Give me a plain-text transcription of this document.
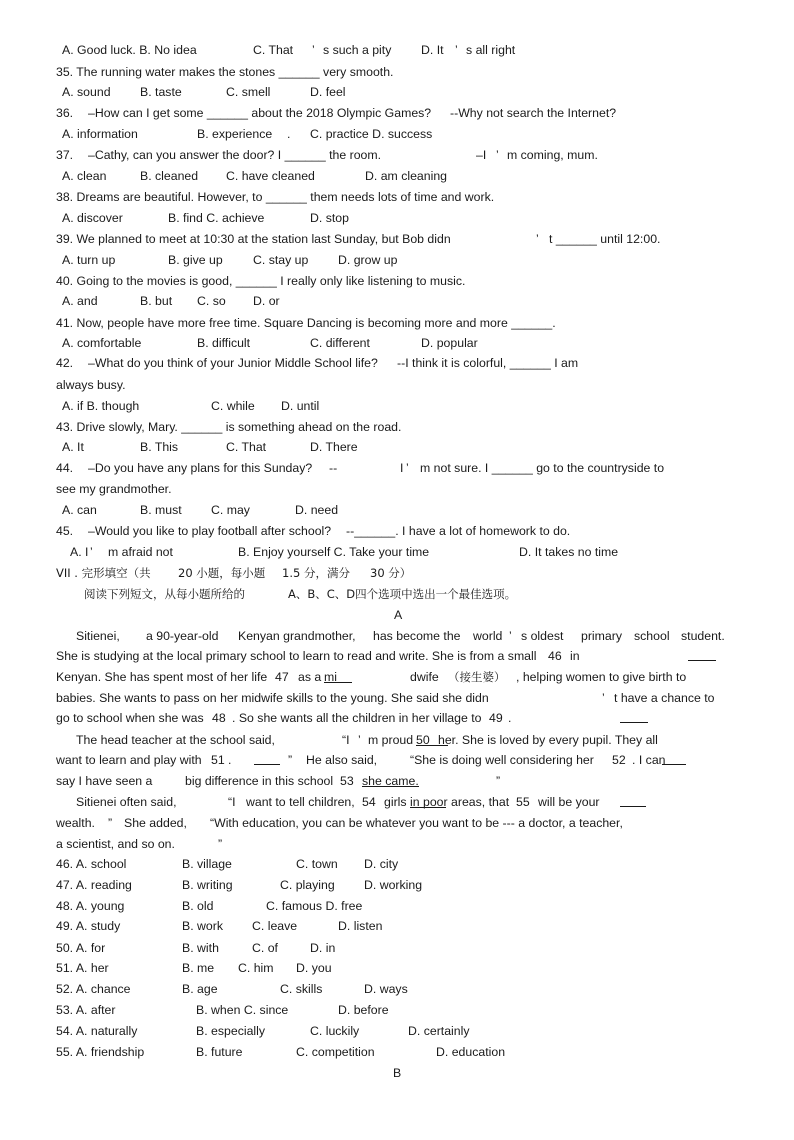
A. Good luck. B. No idea

	C. That

’

s such a pity

D. It

’

s all right

35. The running water makes the stones ______ very smooth.

A. sound

B. taste

	C. smell

	D. feel

36.

–How can I get some ______ about the 2018 Olympic Games?

--Why not search the Internet?

A. information

	B. experience

.

C. practice D. success

37.

–Cathy, can you answer the door? I ______ the room.

	–I

’

m coming, mum.

A. clean

	B. cleaned

C. have cleaned

	D. am cleaning

38. Dreams are beautiful. However, to ______ them needs lots of time and work.

A. discover

	B. find C. achieve

	D. stop

39. We planned to meet at 10:30 at the station last Sunday, but Bob didn

	’

t ______ until 12:00.

A. turn up

	B. give up

C. stay up

D. grow up

40. Going to the movies is good, ______ I really only like listening to music.

A. and

	B. but

C. so

D. or

41. Now, people have more free time. Square Dancing is becoming more and more ______.

A. comfortable

	B. difficult

	C. different

	D. popular

42.

–What do you think of your Junior Middle School life?

--I think it is colorful, ______ I am

always busy.

A. if B. though

	C. while

D. until

43. Drive slowly, Mary. ______ is something ahead on the road.

A. It

	B. This

	C. That

	D. There

44.

–Do you have any plans for this Sunday?

--

	I

’

m not sure. I ______ go to the countryside to

see my grandmother.

A. can

	B. must

C. may

	D. need

45.

–Would you like to play football after school?

--______. I have a lot of homework to do.

A. I

’

m afraid not

	B. Enjoy yourself C. Take your time

	D. It takes no time

VII . 完形填空（共

20 小题，每小题

1.5 分，满分

30 分）

阅读下列短文，从每小题所给的

	A、B、C、D四个选项中选出一个最佳选项。

A

Sitienei,

a 90-year-old

Kenyan grandmother,

has become the

world

’

s oldest

primary

school

student.

She is studying at the local primary school to learn to read and write. She is from a small

46

in

Kenyan. She has spent most of her life

47

as a

mi

	dwife

（接生婆）

, helping women to give birth to

babies. She wants to pass on her midwife skills to the young. She said she didn

	’

t have a chance to

go to school when she was

48

. So she wants all the children in her village to

49

.

The head teacher at the school said,

	“I

’

m proud

50

her. She is loved by every pupil. They all

want to learn and play with

51

.

	”

He also said,

	“She is doing well considering her

52

. I can

say I have seen a

	big difference in this school

53

she came.

	”

Sitienei often said,

	“I

want to tell children,

54

girls

in poor areas, that

55

will be your

wealth.

”

She added,

“With education, you can be whatever you want to be --- a doctor, a teacher,

a scientist, and so on.

	”

46. A. school

	B. village

	C. town

D. city

47. A. reading

	B. writing

	C. playing

D. working

48. A. young

	B. old

	C. famous D. free

49. A. study

	B. work

C. leave

	D. listen

50. A. for

	B. with

	C. of

	D. in

51. A. her

	B. me

C. him

D. you

52. A. chance

	B. age

	C. skills

	D. ways

53. A. after

	B. when C. since

	D. before

54. A. naturally

	B. especially

	C. luckily

	D. certainly

55. A. friendship

	B. future

	C. competition

	D. education

B
